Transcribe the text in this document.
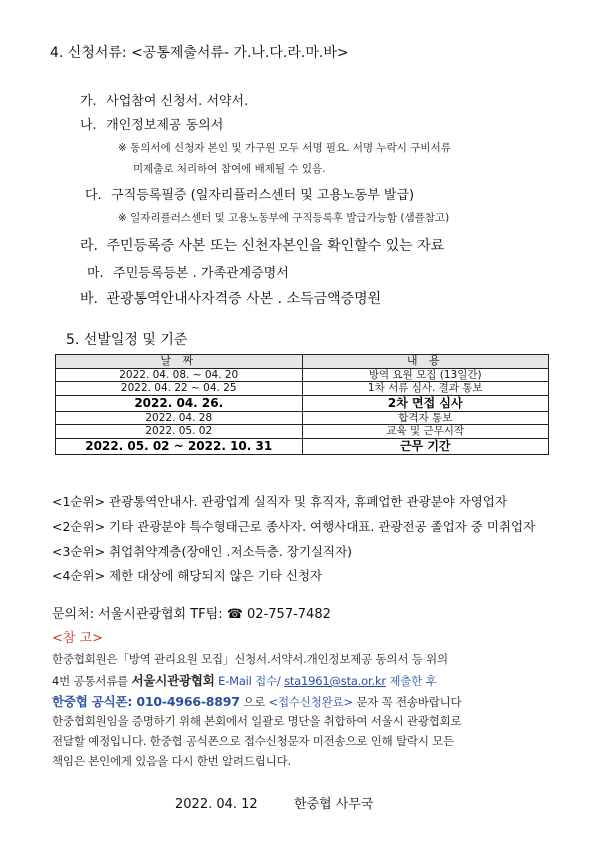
4. 신청서류: <공통제출서류- 가.나.다.라.마.바>
가. 사업참여 신청서. 서약서.
나. 개인정보제공 동의서
※ 동의서에 신청자 본인 및 가구원 모두 서명 필요. 서명 누락시 구비서류
미제출로 처리하여 참여에 배제될 수 있음.
다. 구직등록필증 (일자리플러스센터 및 고용노동부 발급)
※ 일자리플러스센터 및 고용노동부에 구직등록후 발급가능함 (샘플참고)
라. 주민등록증 사본 또는 신천자본인을 확인할수 있는 자료
마. 주민등록등본 . 가족관계증명서
바. 관광통역안내사자격증 사본 . 소득금액증명원
5. 선발일정 및 기준
날 짜	내 용
2022. 04. 08. ~ 04. 20	방역 요원 모집 (13일간)
2022. 04. 22 ~ 04. 25	1차 서류 심사. 결과 통보
2022. 04. 26.	2차 면접 심사
2022. 04. 28	합격자 통보
2022. 05. 02	교육 및 근무시작
2022. 05. 02 ~ 2022. 10. 31	근무 기간
<1순위> 관광통역안내사. 관광업계 실직자 및 휴직자, 휴폐업한 관광분야 자영업자
<2순위> 기타 관광분야 특수형태근로 종사자. 여행사대표. 관광전공 졸업자 중 미취업자
<3순위> 취업취약계층(장애인 .저소득층. 장기실직자)
<4순위> 제한 대상에 해당되지 않은 기타 신청자
문의처: 서울시관광협회 TF팀: ☎ 02-757-7482
<참 고>
한중협회원은「방역 관리요원 모집」신청서.서약서.개인정보제공 동의서 등 위의
4번 공통서류를 서울시관광협회 E-Mail 접수/ sta1961@sta.or.kr 제출한 후
한중협 공식폰: 010-4966-8897 으로 <접수신청완료> 문자 꼭 전송바랍니다
한중협회원임을 증명하기 위해 본회에서 일괄로 명단을 취합하여 서울시 관광협회로
전달할 예정입니다. 한중협 공식폰으로 접수신청문자 미전송으로 인해 탈락시 모든
책임은 본인에게 있음을 다시 한번 알려드립니다.
2022. 04. 12	한중협 사무국
